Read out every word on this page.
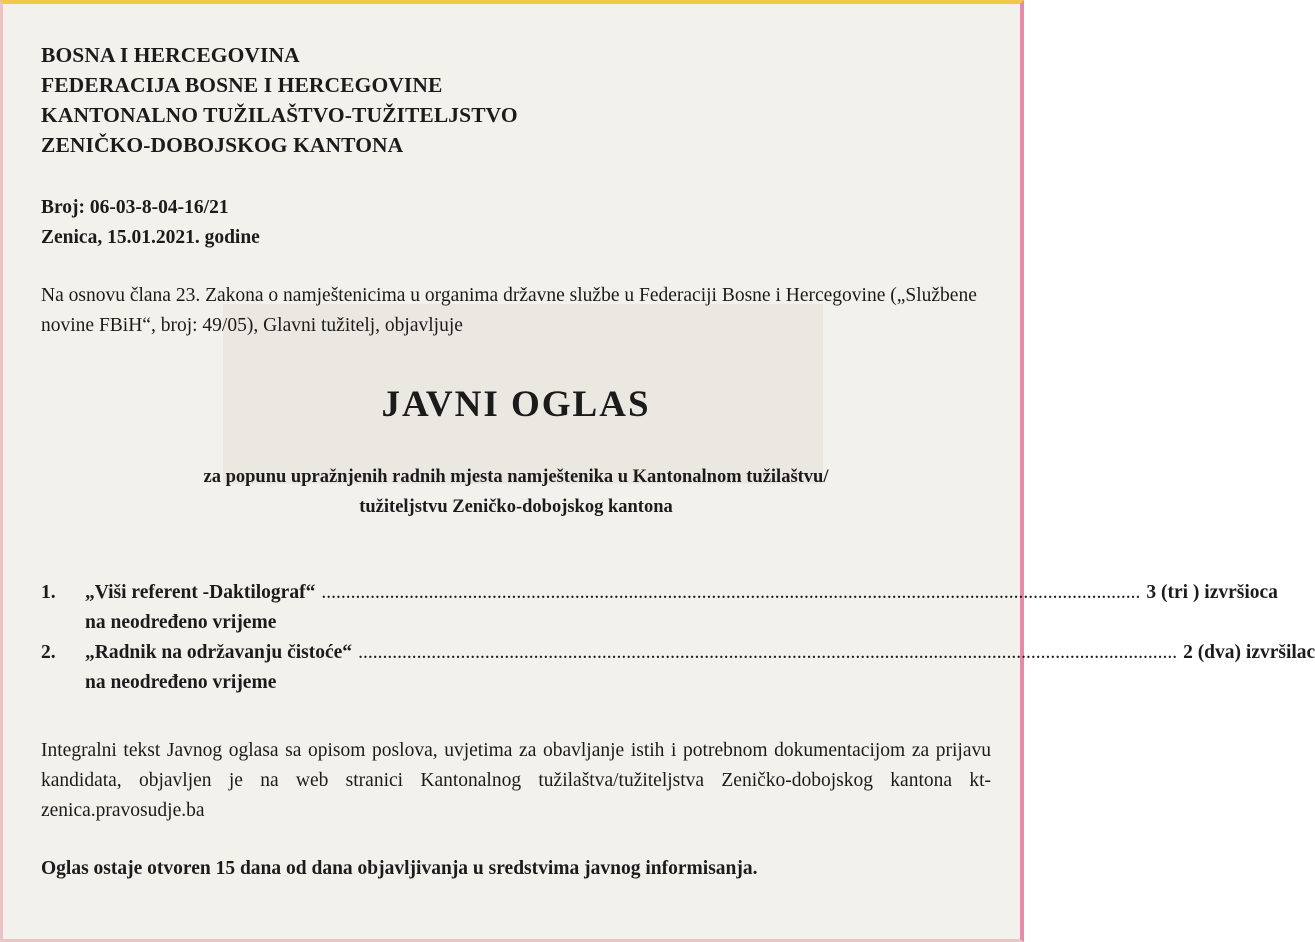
BOSNA I HERCEGOVINA
FEDERACIJA BOSNE I HERCEGOVINE
KANTONALNO TUŽILAŠTVO-TUŽITELJSTVO
ZENIČKO-DOBOJSKOG KANTONA
Broj: 06-03-8-04-16/21
Zenica, 15.01.2021. godine
Na osnovu člana 23. Zakona o namještenicima u organima državne službe u Federaciji Bosne i Hercegovine („Službene novine FBiH“, broj: 49/05), Glavni tužitelj, objavljuje
JAVNI OGLAS
za popunu upražnjenih radnih mjesta namještenika u Kantonalnom tužilaštvu/
tužiteljstvu Zeničko-dobojskog kantona
1.	„Viši referent -Daktilograf“ ........................................................................................................................................................................ 3 (tri ) izvršioca
na neodređeno vrijeme
2.	„Radnik na održavanju čistoće“ ........................................................................................................................................................................ 2 (dva) izvršilac
na neodređeno vrijeme
Integralni tekst Javnog oglasa sa opisom poslova, uvjetima za obavljanje istih i potrebnom dokumentacijom za prijavu kandidata, objavljen je na web stranici Kantonalnog tužilaštva/tužiteljstva Zeničko-dobojskog kantona kt-zenica.pravosudje.ba
Oglas ostaje otvoren 15 dana od dana objavljivanja u sredstvima javnog informisanja.
